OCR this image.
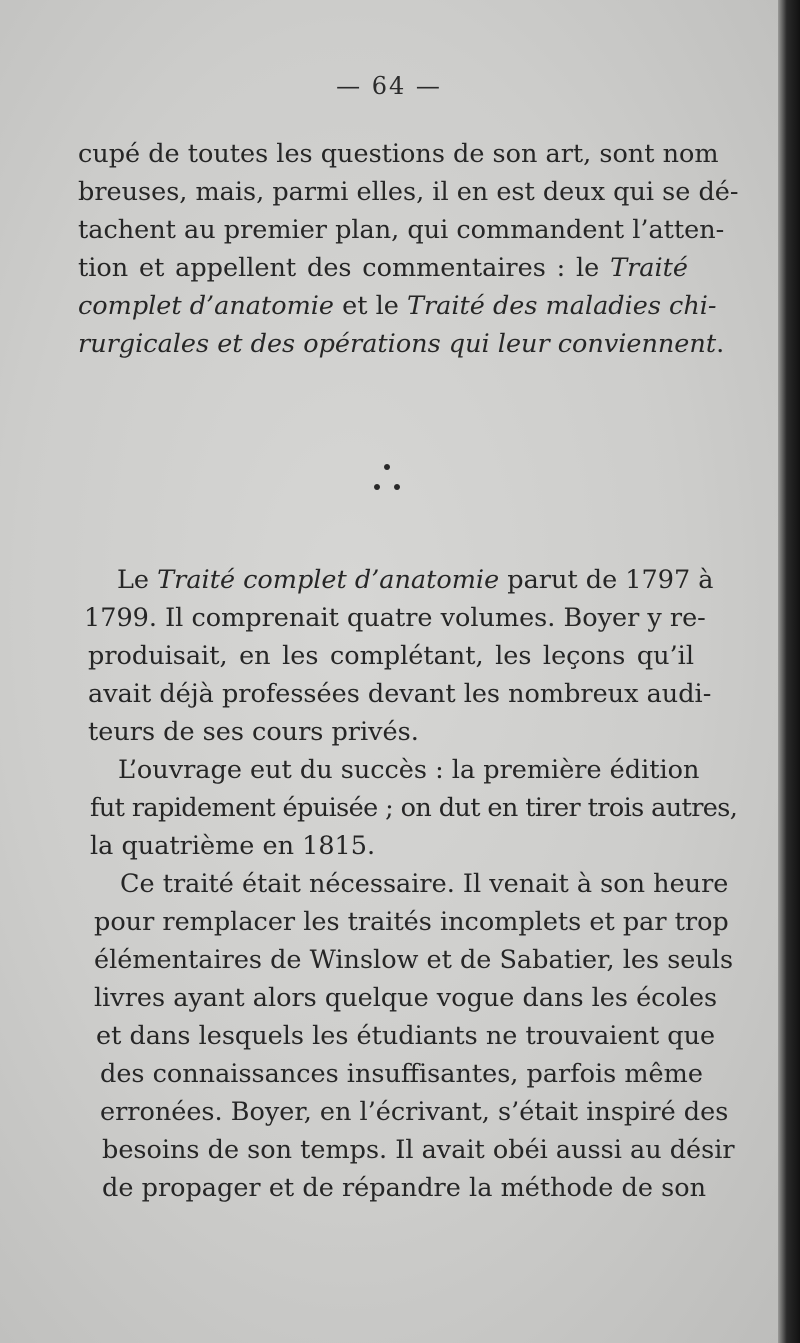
— 64 —
cupé de toutes les questions de son art, sont nom
breuses, mais, parmi elles, il en est deux qui se dé-
tachent au premier plan, qui commandent l’atten-
tion et appellent des commentaires : le Traité
complet d’anatomie et le Traité des maladies chi-
rurgicales et des opérations qui leur conviennent.
Le Traité complet d’anatomie parut de 1797 à
1799. Il comprenait quatre volumes. Boyer y re-
produisait, en les complétant, les leçons qu’il
avait déjà professées devant les nombreux audi-
teurs de ses cours privés.
L’ouvrage eut du succès : la première édition
fut rapidement épuisée ; on dut en tirer trois autres,
la quatrième en 1815.
Ce traité était nécessaire. Il venait à son heure
pour remplacer les traités incomplets et par trop
élémentaires de Winslow et de Sabatier, les seuls
livres ayant alors quelque vogue dans les écoles
et dans lesquels les étudiants ne trouvaient que
des connaissances insuffisantes, parfois même
erronées. Boyer, en l’écrivant, s’était inspiré des
besoins de son temps. Il avait obéi aussi au désir
de propager et de répandre la méthode de son
